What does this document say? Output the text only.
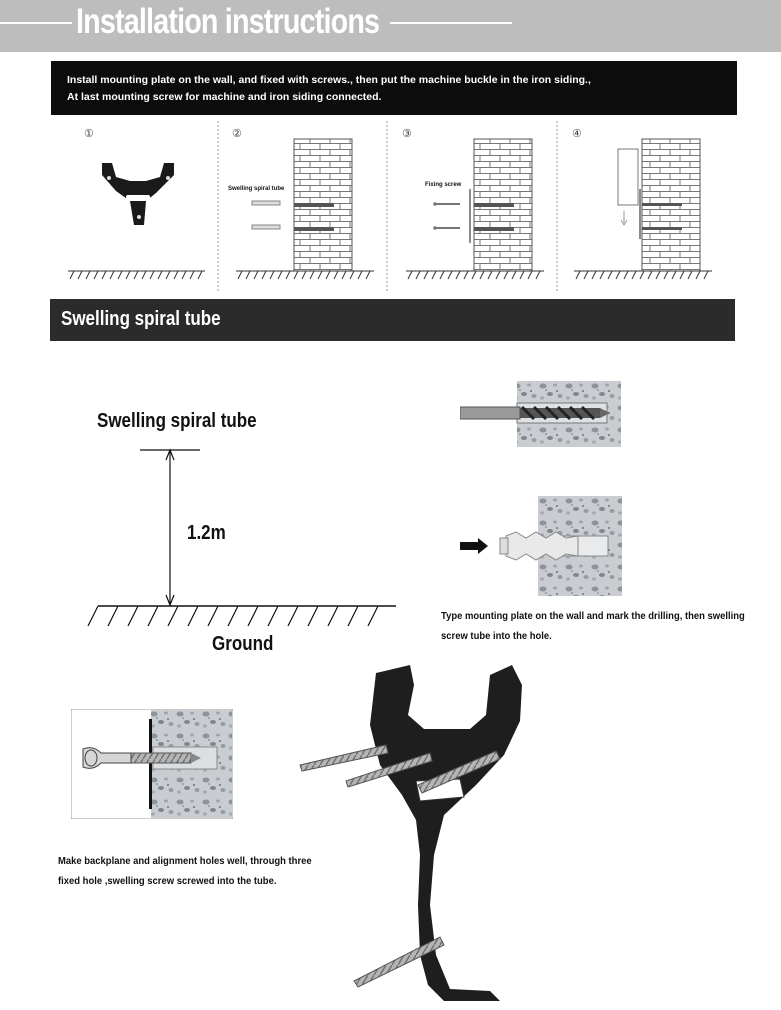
Installation instructions

Install mounting plate on the wall, and fixed with screws., then put the machine buckle in the iron siding.,

At last mounting screw for machine and iron siding connected.

①	②	③	④
Swelling spiral tube
Fixing screw
Swelling spiral tube
Swelling spiral tube
1.2m
Ground
Type mounting plate on the wall and mark the drilling, then swelling
screw tube into the hole.
Make backplane and alignment holes well, through three
fixed hole ,swelling screw screwed into the tube.
